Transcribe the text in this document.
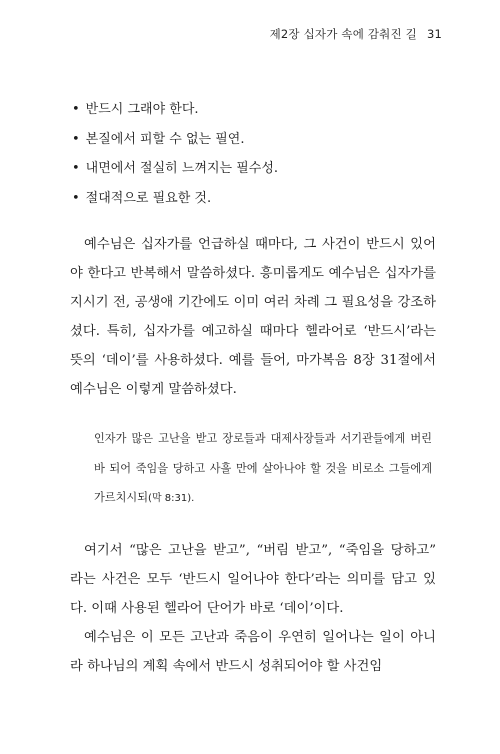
제2장 십자가 속에 감춰진 길 31
• 반드시 그래야 한다.
• 본질에서 피할 수 없는 필연.
• 내면에서 절실히 느껴지는 필수성.
• 절대적으로 필요한 것.

예수님은 십자가를 언급하실 때마다, 그 사건이 반드시 있어야 한다고 반복해서 말씀하셨다. 흥미롭게도 예수님은 십자가를 지시기 전, 공생애 기간에도 이미 여러 차례 그 필요성을 강조하셨다. 특히, 십자가를 예고하실 때마다 헬라어로 ‘반드시’라는 뜻의 ‘데이’를 사용하셨다. 예를 들어, 마가복음 8장 31절에서 예수님은 이렇게 말씀하셨다.

인자가 많은 고난을 받고 장로들과 대제사장들과 서기관들에게 버린 바 되어 죽임을 당하고 사흘 만에 살아나야 할 것을 비로소 그들에게 가르치시되(막 8:31).

여기서 “많은 고난을 받고”, “버림 받고”, “죽임을 당하고” 라는 사건은 모두 ‘반드시 일어나야 한다’라는 의미를 담고 있다. 이때 사용된 헬라어 단어가 바로 ‘데이’이다.

예수님은 이 모든 고난과 죽음이 우연히 일어나는 일이 아니라 하나님의 계획 속에서 반드시 성취되어야 할 사건임
